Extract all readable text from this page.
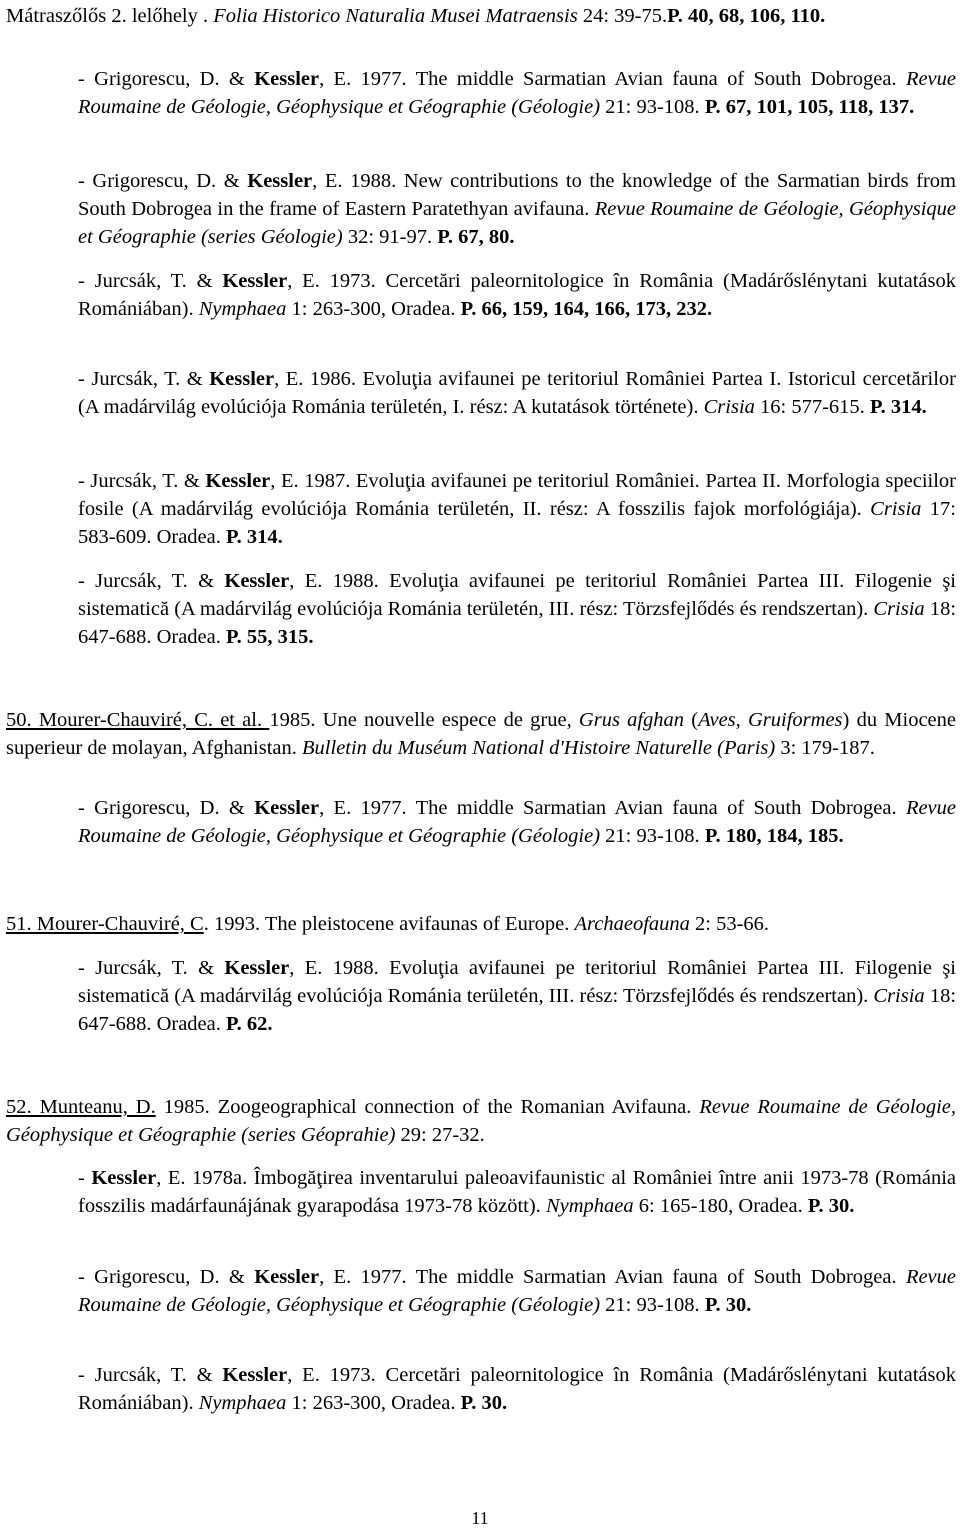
Mátraszőlős 2. lelőhely . Folia Historico Naturalia Musei Matraensis 24: 39-75.P. 40, 68, 106, 110.
- Grigorescu, D. & Kessler, E. 1977. The middle Sarmatian Avian fauna of South Dobrogea. Revue Roumaine de Géologie, Géophysique et Géographie (Géologie) 21: 93-108. P. 67, 101, 105, 118, 137.
- Grigorescu, D. & Kessler, E. 1988. New contributions to the knowledge of the Sarmatian birds from South Dobrogea in the frame of Eastern Paratethyan avifauna. Revue Roumaine de Géologie, Géophysique et Géographie (series Géologie) 32: 91-97. P. 67, 80.
- Jurcsák, T. & Kessler, E. 1973. Cercetări paleornitologice în România (Madárőslénytani kutatások Romániában). Nymphaea 1: 263-300, Oradea. P. 66, 159, 164, 166, 173, 232.
- Jurcsák, T. & Kessler, E. 1986. Evoluţia avifaunei pe teritoriul României Partea I. Istoricul cercetărilor (A madárvilág evolúciója Románia területén, I. rész: A kutatások története). Crisia 16: 577-615. P. 314.
- Jurcsák, T. & Kessler, E. 1987. Evoluţia avifaunei pe teritoriul României. Partea II. Morfologia speciilor fosile (A madárvilág evolúciója Románia területén, II. rész: A fosszilis fajok morfológiája). Crisia 17: 583-609. Oradea. P. 314.
- Jurcsák, T. & Kessler, E. 1988. Evoluţia avifaunei pe teritoriul României Partea III. Filogenie şi sistematică (A madárvilág evolúciója Románia területén, III. rész: Törzsfejlődés és rendszertan). Crisia 18: 647-688. Oradea. P. 55, 315.
50. Mourer-Chauviré, C. et al. 1985. Une nouvelle espece de grue, Grus afghan (Aves, Gruiformes) du Miocene superieur de molayan, Afghanistan. Bulletin du Muséum National d'Histoire Naturelle (Paris) 3: 179-187.
- Grigorescu, D. & Kessler, E. 1977. The middle Sarmatian Avian fauna of South Dobrogea. Revue Roumaine de Géologie, Géophysique et Géographie (Géologie) 21: 93-108. P. 180, 184, 185.
51. Mourer-Chauviré, C. 1993. The pleistocene avifaunas of Europe. Archaeofauna 2: 53-66.
- Jurcsák, T. & Kessler, E. 1988. Evoluţia avifaunei pe teritoriul României Partea III. Filogenie şi sistematică (A madárvilág evolúciója Románia területén, III. rész: Törzsfejlődés és rendszertan). Crisia 18: 647-688. Oradea. P. 62.
52. Munteanu, D. 1985. Zoogeographical connection of the Romanian Avifauna. Revue Roumaine de Géologie, Géophysique et Géographie (series Géoprahie) 29: 27-32.
- Kessler, E. 1978a. Îmbogăţirea inventarului paleoavifaunistic al României între anii 1973-78 (Románia fosszilis madárfaunájának gyarapodása 1973-78 között). Nymphaea 6: 165-180, Oradea. P. 30.
- Grigorescu, D. & Kessler, E. 1977. The middle Sarmatian Avian fauna of South Dobrogea. Revue Roumaine de Géologie, Géophysique et Géographie (Géologie) 21: 93-108. P. 30.
- Jurcsák, T. & Kessler, E. 1973. Cercetări paleornitologice în România (Madárőslénytani kutatások Romániában). Nymphaea 1: 263-300, Oradea. P. 30.
11
